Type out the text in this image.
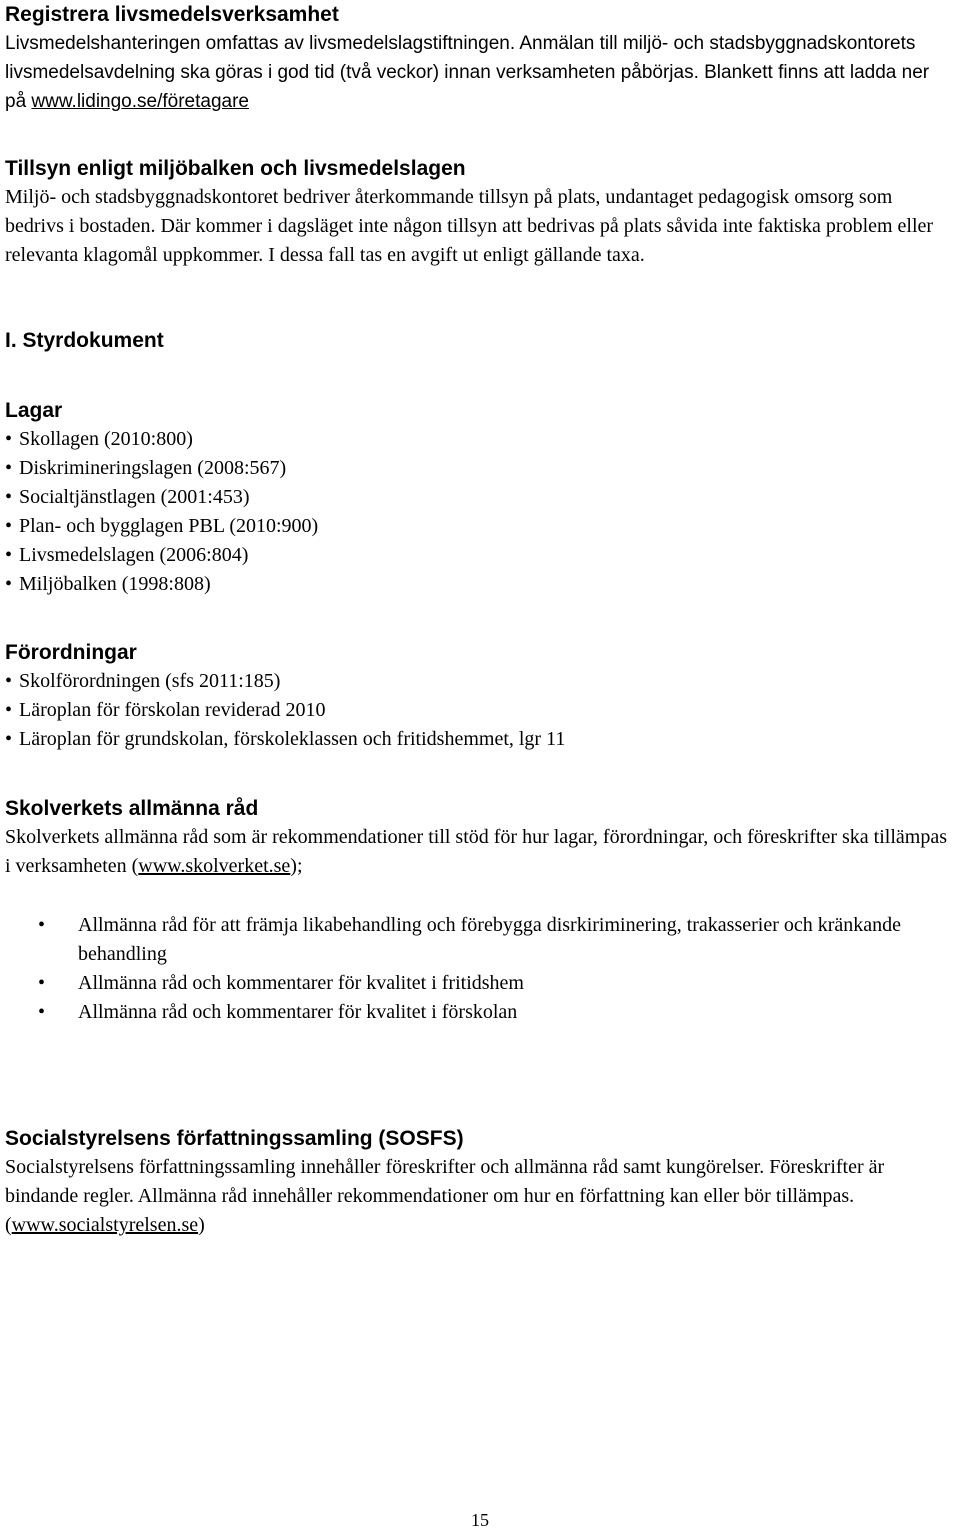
Registrera livsmedelsverksamhet

Livsmedelshanteringen omfattas av livsmedelslagstiftningen. Anmälan till miljö- och stadsbyggnadskontorets livsmedelsavdelning ska göras i god tid (två veckor) innan verksamheten påbörjas. Blankett finns att ladda ner på www.lidingo.se/företagare

Tillsyn enligt miljöbalken och livsmedelslagen

Miljö- och stadsbyggnadskontoret bedriver återkommande tillsyn på plats, undantaget pedagogisk omsorg som bedrivs i bostaden. Där kommer i dagsläget inte någon tillsyn att bedrivas på plats såvida inte faktiska problem eller relevanta klagomål uppkommer. I dessa fall tas en avgift ut enligt gällande taxa.

I. Styrdokument
Lagar
• Skollagen (2010:800)
• Diskrimineringslagen (2008:567)
• Socialtjänstlagen (2001:453)
• Plan- och bygglagen PBL (2010:900)
• Livsmedelslagen (2006:804)
• Miljöbalken (1998:808)
Förordningar
• Skolförordningen (sfs 2011:185)
• Läroplan för förskolan reviderad 2010
• Läroplan för grundskolan, förskoleklassen och fritidshemmet, lgr 11
Skolverkets allmänna råd

Skolverkets allmänna råd som är rekommendationer till stöd för hur lagar, förordningar, och föreskrifter ska tillämpas i verksamheten (www.skolverket.se);

• Allmänna råd för att främja likabehandling och förebygga disrkiriminering, trakasserier och kränkande behandling
• Allmänna råd och kommentarer för kvalitet i fritidshem
• Allmänna råd och kommentarer för kvalitet i förskolan
Socialstyrelsens författningssamling (SOSFS)

Socialstyrelsens författningssamling innehåller föreskrifter och allmänna råd samt kungörelser. Föreskrifter är bindande regler. Allmänna råd innehåller rekommendationer om hur en författning kan eller bör tillämpas. (www.socialstyrelsen.se)

15
